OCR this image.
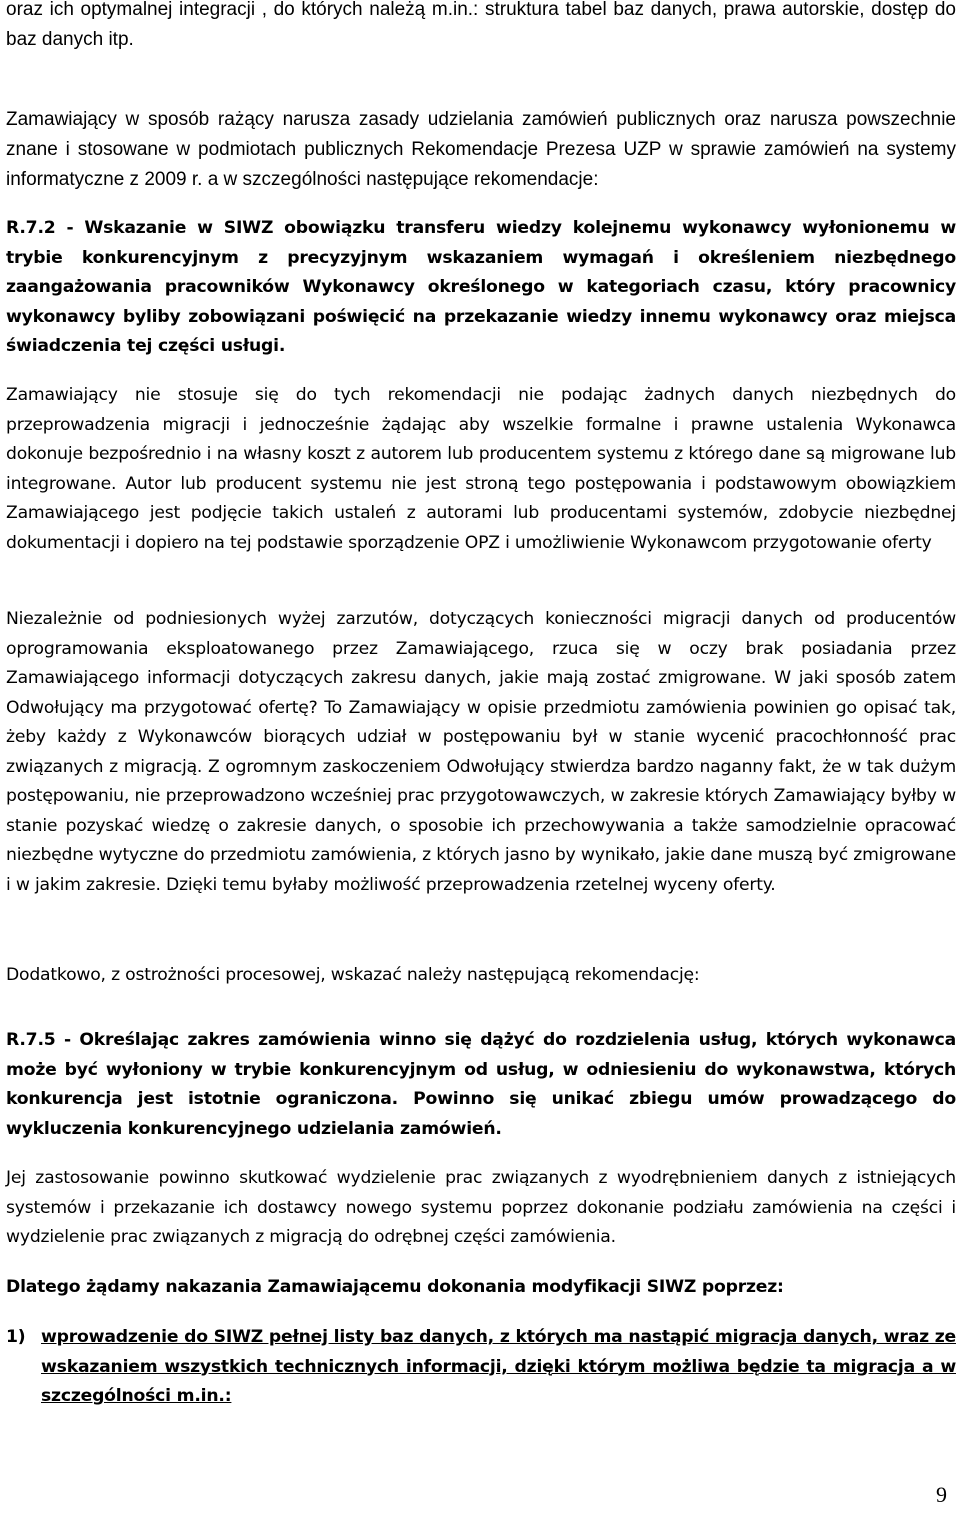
oraz ich optymalnej integracji , do których należą m.in.: struktura tabel baz danych, prawa autorskie, dostęp do baz danych itp.

Zamawiający w sposób rażący narusza zasady udzielania zamówień publicznych oraz narusza powszechnie znane i stosowane w podmiotach publicznych Rekomendacje Prezesa UZP w sprawie zamówień na systemy informatyczne z 2009 r. a w szczególności następujące rekomendacje:

R.7.2 - Wskazanie w SIWZ obowiązku transferu wiedzy kolejnemu wykonawcy wyłonionemu w trybie konkurencyjnym z precyzyjnym wskazaniem wymagań i określeniem niezbędnego zaangażowania pracowników Wykonawcy określonego w kategoriach czasu, który pracownicy wykonawcy byliby zobowiązani poświęcić na przekazanie wiedzy innemu wykonawcy oraz miejsca świadczenia tej części usługi.

Zamawiający nie stosuje się do tych rekomendacji nie podając żadnych danych niezbędnych do przeprowadzenia migracji i jednocześnie żądając aby wszelkie formalne i prawne ustalenia Wykonawca dokonuje bezpośrednio i na własny koszt z autorem lub producentem systemu z którego dane są migrowane lub integrowane. Autor lub producent systemu nie jest stroną tego postępowania i podstawowym obowiązkiem Zamawiającego jest podjęcie takich ustaleń z autorami lub producentami systemów, zdobycie niezbędnej dokumentacji i dopiero na tej podstawie sporządzenie OPZ i umożliwienie Wykonawcom przygotowanie oferty

Niezależnie od podniesionych wyżej zarzutów, dotyczących konieczności migracji danych od producentów oprogramowania eksploatowanego przez Zamawiającego, rzuca się w oczy brak posiadania przez Zamawiającego informacji dotyczących zakresu danych, jakie mają zostać zmigrowane. W jaki sposób zatem Odwołujący ma przygotować ofertę? To Zamawiający w opisie przedmiotu zamówienia powinien go opisać tak, żeby każdy z Wykonawców biorących udział w postępowaniu był w stanie wycenić pracochłonność prac związanych z migracją. Z ogromnym zaskoczeniem Odwołujący stwierdza bardzo naganny fakt, że w tak dużym postępowaniu, nie przeprowadzono wcześniej prac przygotowawczych, w zakresie których Zamawiający byłby w stanie pozyskać wiedzę o zakresie danych, o sposobie ich przechowywania a także samodzielnie opracować niezbędne wytyczne do przedmiotu zamówienia, z których jasno by wynikało, jakie dane muszą być zmigrowane i w jakim zakresie. Dzięki temu byłaby możliwość przeprowadzenia rzetelnej wyceny oferty.

Dodatkowo, z ostrożności procesowej, wskazać należy następującą rekomendację:

R.7.5 - Określając zakres zamówienia winno się dążyć do rozdzielenia usług, których wykonawca może być wyłoniony w trybie konkurencyjnym od usług, w odniesieniu do wykonawstwa, których konkurencja jest istotnie ograniczona. Powinno się unikać zbiegu umów prowadzącego do wykluczenia konkurencyjnego udzielania zamówień.

Jej zastosowanie powinno skutkować wydzielenie prac związanych z wyodrębnieniem danych z istniejących systemów i przekazanie ich dostawcy nowego systemu poprzez dokonanie podziału zamówienia na części i wydzielenie prac związanych z migracją do odrębnej części zamówienia.

Dlatego żądamy nakazania Zamawiającemu dokonania modyfikacji SIWZ poprzez:

1) wprowadzenie do SIWZ pełnej listy baz danych, z których ma nastąpić migracja danych, wraz ze wskazaniem wszystkich technicznych informacji, dzięki którym możliwa będzie ta migracja a w szczególności m.in.:

9
